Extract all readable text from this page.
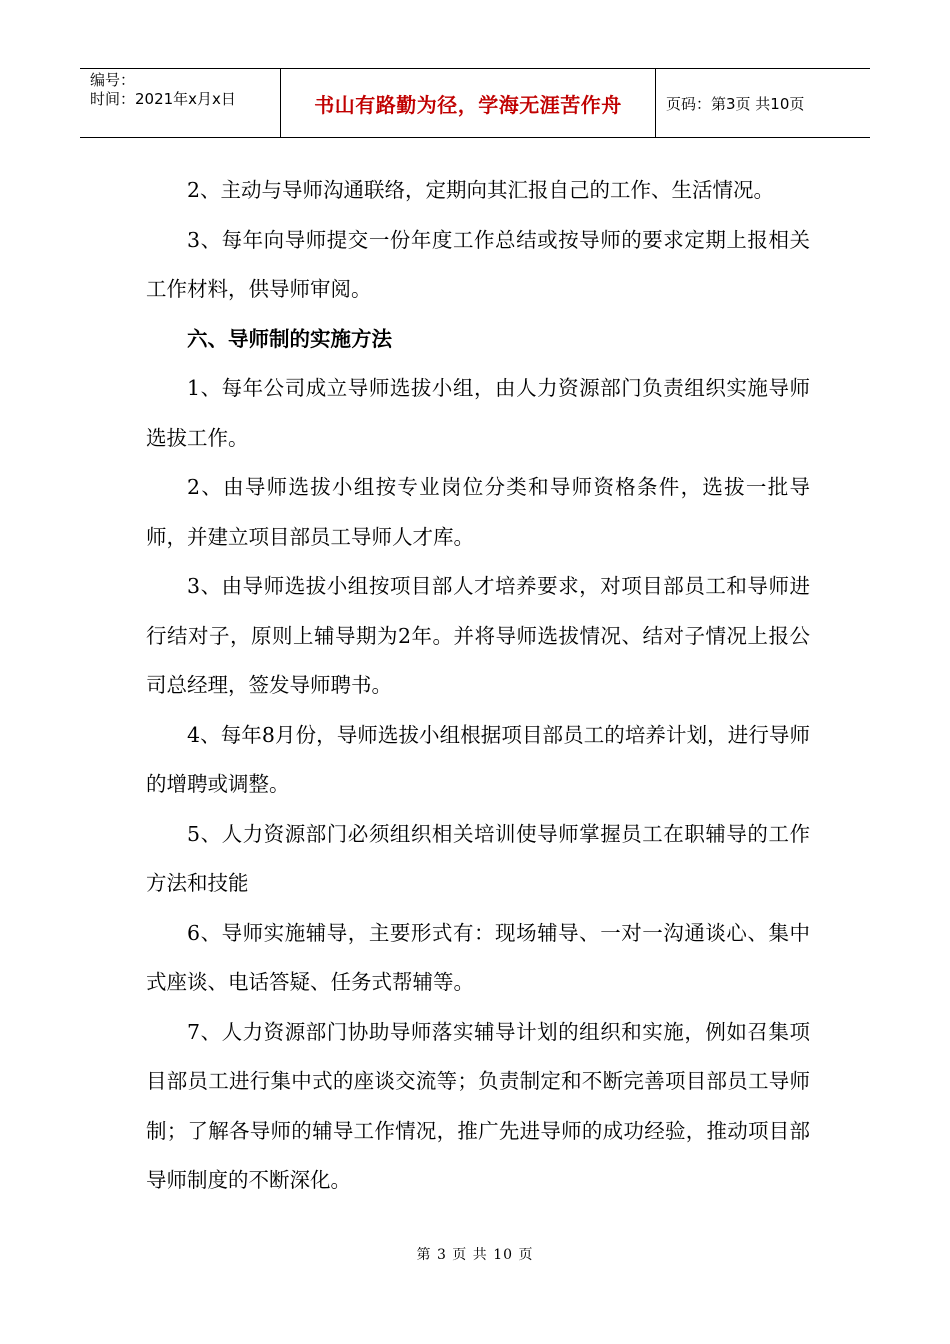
编号：
时间：2021年x月x日	书山有路勤为径，学海无涯苦作舟	页码：第3页 共10页

2、主动与导师沟通联络，定期向其汇报自己的工作、生活情况。

3、每年向导师提交一份年度工作总结或按导师的要求定期上报相关工作材料，供导师审阅。

六、导师制的实施方法

1、每年公司成立导师选拔小组，由人力资源部门负责组织实施导师选拔工作。

2、由导师选拔小组按专业岗位分类和导师资格条件，选拔一批导师，并建立项目部员工导师人才库。

3、由导师选拔小组按项目部人才培养要求，对项目部员工和导师进行结对子，原则上辅导期为2年。并将导师选拔情况、结对子情况上报公司总经理，签发导师聘书。

4、每年8月份，导师选拔小组根据项目部员工的培养计划，进行导师的增聘或调整。

5、人力资源部门必须组织相关培训使导师掌握员工在职辅导的工作方法和技能

6、导师实施辅导，主要形式有：现场辅导、一对一沟通谈心、集中式座谈、电话答疑、任务式帮辅等。

7、人力资源部门协助导师落实辅导计划的组织和实施，例如召集项目部员工进行集中式的座谈交流等；负责制定和不断完善项目部员工导师制；了解各导师的辅导工作情况，推广先进导师的成功经验，推动项目部导师制度的不断深化。

第 3 页 共 10 页
